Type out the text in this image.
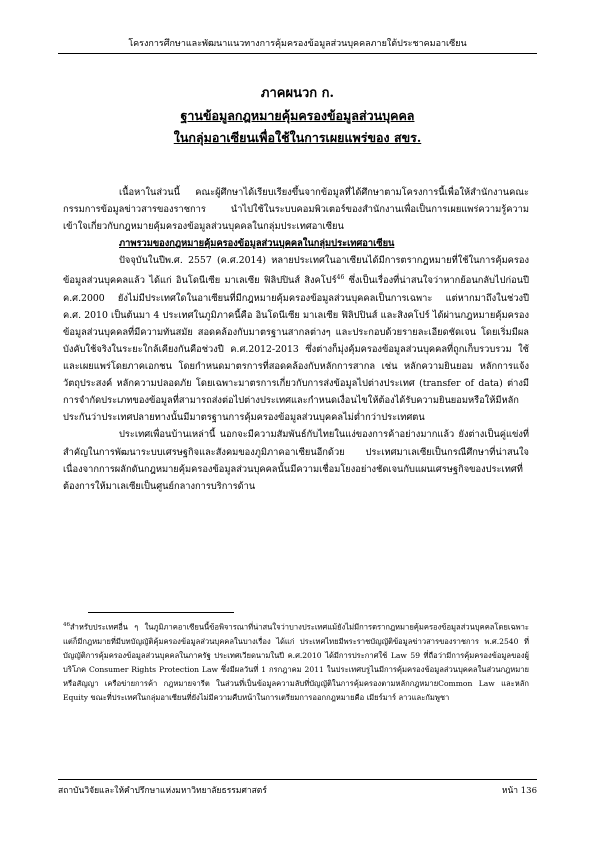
โครงการศึกษาและพัฒนาแนวทางการคุ้มครองข้อมูลส่วนบุคคลภายใต้ประชาคมอาเซียน
ภาคผนวก ก.
ฐานข้อมูลกฎหมายคุ้มครองข้อมูลส่วนบุคคล
ในกลุ่มอาเซียนเพื่อใช้ในการเผยแพร่ของ สขร.

เนื้อหาในส่วนนี้ คณะผู้ศึกษาได้เรียบเรียงขึ้นจากข้อมูลที่ได้ศึกษาตามโครงการนี้เพื่อให้สำนักงานคณะกรรมการข้อมูลข่าวสารของราชการ นำไปใช้ในระบบคอมพิวเตอร์ของสำนักงานเพื่อเป็นการเผยแพร่ความรู้ความเข้าใจเกี่ยวกับกฎหมายคุ้มครองข้อมูลส่วนบุคคลในกลุ่มประเทศอาเซียน

ภาพรวมของกฎหมายคุ้มครองข้อมูลส่วนบุคคลในกลุ่มประเทศอาเซียน

ปัจจุบันในปีพ.ศ. 2557 (ค.ศ.2014) หลายประเทศในอาเซียนได้มีการตรากฎหมายที่ใช้ในการคุ้มครองข้อมูลส่วนบุคคลแล้ว ได้แก่ อินโดนีเซีย มาเลเซีย ฟิลิปปินส์ สิงคโปร์$^{46}$ ซึ่งเป็นเรื่องที่น่าสนใจว่าหากย้อนกลับไปก่อนปี ค.ศ.2000 ยังไม่มีประเทศใดในอาเซียนที่มีกฎหมายคุ้มครองข้อมูลส่วนบุคคลเป็นการเฉพาะ แต่หากมาถึงในช่วงปี ค.ศ. 2010 เป็นต้นมา 4 ประเทศในภูมิภาคนี้คือ อินโดนีเซีย มาเลเซีย ฟิลิปปินส์ และสิงคโปร์ ได้ผ่านกฎหมายคุ้มครองข้อมูลส่วนบุคคลที่มีความทันสมัย สอดคล้องกับมาตรฐานสากลต่างๆ และประกอบด้วยรายละเอียดชัดเจน โดยเริ่มมีผลบังคับใช้จริงในระยะใกล้เคียงกันคือช่วงปี ค.ศ.2012-2013 ซึ่งต่างก็มุ่งคุ้มครองข้อมูลส่วนบุคคลที่ถูกเก็บรวบรวม ใช้ และเผยแพร่โดยภาคเอกชน โดยกำหนดมาตรการที่สอดคล้องกับหลักการสากล เช่น หลักความยินยอม หลักการแจ้งวัตถุประสงค์ หลักความปลอดภัย โดยเฉพาะมาตรการเกี่ยวกับการส่งข้อมูลไปต่างประเทศ (transfer of data) ต่างมีการจำกัดประเภทของข้อมูลที่สามารถส่งต่อไปต่างประเทศและกำหนดเงื่อนไขให้ต้องได้รับความยินยอมหรือให้มีหลักประกันว่าประเทศปลายทางนั้นมีมาตรฐานการคุ้มครองข้อมูลส่วนบุคคลไม่ต่ำกว่าประเทศตน

ประเทศเพื่อนบ้านเหล่านี้ นอกจะมีความสัมพันธ์กับไทยในแง่ของการค้าอย่างมากแล้ว ยังต่างเป็นคู่แข่งที่สำคัญในการพัฒนาระบบเศรษฐกิจและสังคมของภูมิภาคอาเซียนอีกด้วย ประเทศมาเลเซียเป็นกรณีศึกษาที่น่าสนใจ เนื่องจากการผลักดันกฎหมายคุ้มครองข้อมูลส่วนบุคคลนั้นมีความเชื่อมโยงอย่างชัดเจนกับแผนเศรษฐกิจของประเทศที่ต้องการให้มาเลเซียเป็นศูนย์กลางการบริการด้าน

$^{46}$สำหรับประเทศอื่น ๆ ในภูมิภาคอาเซียนนี้ข้อพิจารณาที่น่าสนใจว่าบางประเทศแม้ยังไม่มีการตรากฎหมายคุ้มครองข้อมูลส่วนบุคคลโดยเฉพาะแต่ก็มีกฎหมายที่มีบทบัญญัติคุ้มครองข้อมูลส่วนบุคคลในบางเรื่อง ได้แก่ ประเทศไทยมีพระราชบัญญัติข้อมูลข่าวสารของราชการ พ.ศ.2540 ที่บัญญัติการคุ้มครองข้อมูลส่วนบุคคลในภาครัฐ ประเทศเวียดนามในปี ค.ศ.2010 ได้มีการประกาศใช้ Law 59 ที่ถือว่ามีการคุ้มครองข้อมูลของผู้บริโภค Consumer Rights Protection Law ซึ่งมีผลวันที่ 1 กรกฎาคม 2011 ในประเทศบรูไนมีการคุ้มครองข้อมูลส่วนบุคคลในส่วนกฎหมายหรือสัญญา เครือข่ายการค้า กฎหมายจารีต ในส่วนที่เป็นข้อมูลความลับที่บัญญัติในการคุ้มครองตามหลักกฎหมายCommon Law และหลัก Equity ขณะที่ประเทศในกลุ่มอาเซียนที่ยังไม่มีความคืบหน้าในการเตรียมการออกกฎหมายคือ เมียร์มาร์ ลาวและกัมพูชา
สถาบันวิจัยและให้คำปรึกษาแห่งมหาวิทยาลัยธรรมศาสตร์	หน้า 136
